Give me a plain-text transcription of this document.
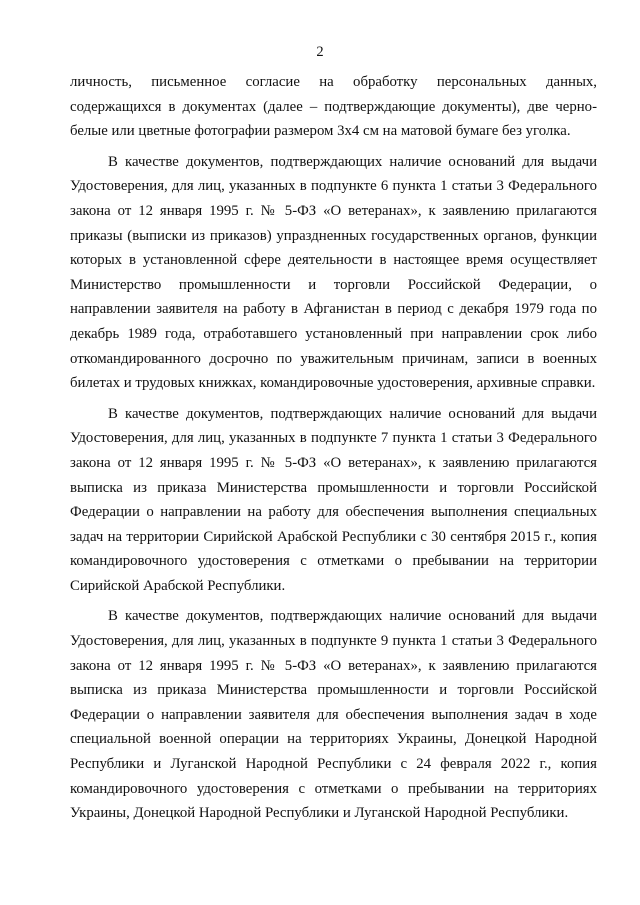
2

личность, письменное согласие на обработку персональных данных, содержащихся в документах (далее – подтверждающие документы), две черно-белые или цветные фотографии размером 3х4 см на матовой бумаге без уголка.

В качестве документов, подтверждающих наличие оснований для выдачи Удостоверения, для лиц, указанных в подпункте 6 пункта 1 статьи 3 Федерального закона от 12 января 1995 г. № 5-ФЗ «О ветеранах», к заявлению прилагаются приказы (выписки из приказов) упраздненных государственных органов, функции которых в установленной сфере деятельности в настоящее время осуществляет Министерство промышленности и торговли Российской Федерации, о направлении заявителя на работу в Афганистан в период с декабря 1979 года по декабрь 1989 года, отработавшего установленный при направлении срок либо откомандированного досрочно по уважительным причинам, записи в военных билетах и трудовых книжках, командировочные удостоверения, архивные справки.

В качестве документов, подтверждающих наличие оснований для выдачи Удостоверения, для лиц, указанных в подпункте 7 пункта 1 статьи 3 Федерального закона от 12 января 1995 г. № 5-ФЗ «О ветеранах», к заявлению прилагаются выписка из приказа Министерства промышленности и торговли Российской Федерации о направлении на работу для обеспечения выполнения специальных задач на территории Сирийской Арабской Республики с 30 сентября 2015 г., копия командировочного удостоверения с отметками о пребывании на территории Сирийской Арабской Республики.

В качестве документов, подтверждающих наличие оснований для выдачи Удостоверения, для лиц, указанных в подпункте 9 пункта 1 статьи 3 Федерального закона от 12 января 1995 г. № 5-ФЗ «О ветеранах», к заявлению прилагаются выписка из приказа Министерства промышленности и торговли Российской Федерации о направлении заявителя для обеспечения выполнения задач в ходе специальной военной операции на территориях Украины, Донецкой Народной Республики и Луганской Народной Республики с 24 февраля 2022 г., копия командировочного удостоверения с отметками о пребывании на территориях Украины, Донецкой Народной Республики и Луганской Народной Республики.
